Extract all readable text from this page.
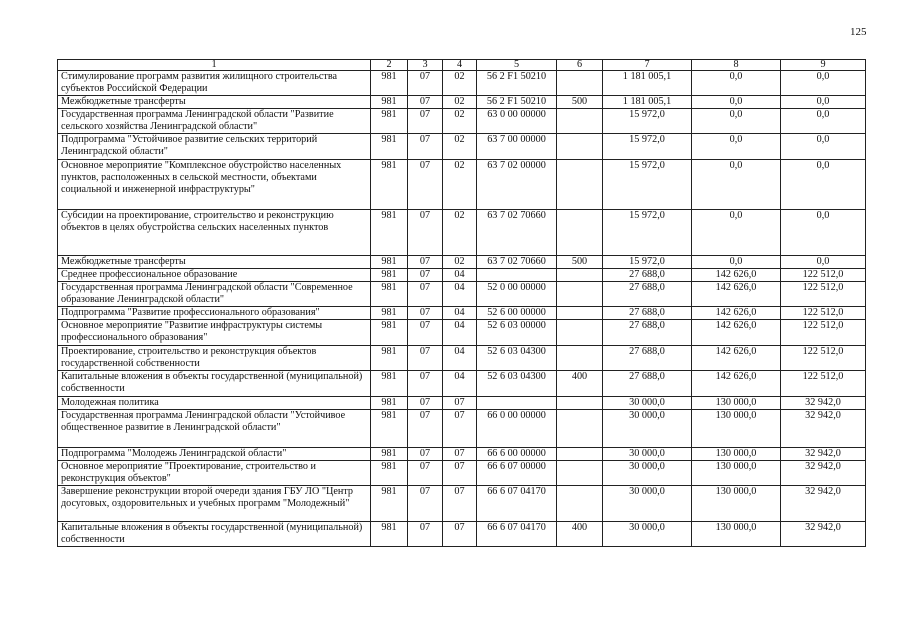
125
1	2	3	4	5	6	7	8	9
Стимулирование программ развития жилищного строительства субъектов Российской Федерации	981	07	02	56 2 F1 50210		1 181 005,1	0,0	0,0
Межбюджетные трансферты	981	07	02	56 2 F1 50210	500	1 181 005,1	0,0	0,0
Государственная программа Ленинградской области "Развитие сельского хозяйства Ленинградской области"	981	07	02	63 0 00 00000		15 972,0	0,0	0,0
Подпрограмма "Устойчивое развитие сельских территорий Ленинградской области"	981	07	02	63 7 00 00000		15 972,0	0,0	0,0
Основное мероприятие "Комплексное обустройство населенных пунктов, расположенных в сельской местности, объектами социальной и инженерной инфраструктуры"	981	07	02	63 7 02 00000		15 972,0	0,0	0,0
Субсидии на проектирование, строительство и реконструкцию объектов в целях обустройства сельских населенных пунктов	981	07	02	63 7 02 70660		15 972,0	0,0	0,0
Межбюджетные трансферты	981	07	02	63 7 02 70660	500	15 972,0	0,0	0,0
Среднее профессиональное образование	981	07	04			27 688,0	142 626,0	122 512,0
Государственная программа Ленинградской области "Современное образование Ленинградской области"	981	07	04	52 0 00 00000		27 688,0	142 626,0	122 512,0
Подпрограмма "Развитие профессионального образования"	981	07	04	52 6 00 00000		27 688,0	142 626,0	122 512,0
Основное мероприятие "Развитие инфраструктуры системы профессионального образования"	981	07	04	52 6 03 00000		27 688,0	142 626,0	122 512,0
Проектирование, строительство и реконструкция объектов государственной собственности	981	07	04	52 6 03 04300		27 688,0	142 626,0	122 512,0
Капитальные вложения в объекты государственной (муниципальной) собственности	981	07	04	52 6 03 04300	400	27 688,0	142 626,0	122 512,0
Молодежная политика	981	07	07			30 000,0	130 000,0	32 942,0
Государственная программа Ленинградской области "Устойчивое общественное развитие в Ленинградской области"	981	07	07	66 0 00 00000		30 000,0	130 000,0	32 942,0
Подпрограмма "Молодежь Ленинградской области"	981	07	07	66 6 00 00000		30 000,0	130 000,0	32 942,0
Основное мероприятие "Проектирование, строительство и реконструкция объектов"	981	07	07	66 6 07 00000		30 000,0	130 000,0	32 942,0
Завершение реконструкции второй очереди здания ГБУ ЛО "Центр досуговых, оздоровительных и учебных программ "Молодежный"	981	07	07	66 6 07 04170		30 000,0	130 000,0	32 942,0
Капитальные вложения в объекты государственной (муниципальной) собственности	981	07	07	66 6 07 04170	400	30 000,0	130 000,0	32 942,0
